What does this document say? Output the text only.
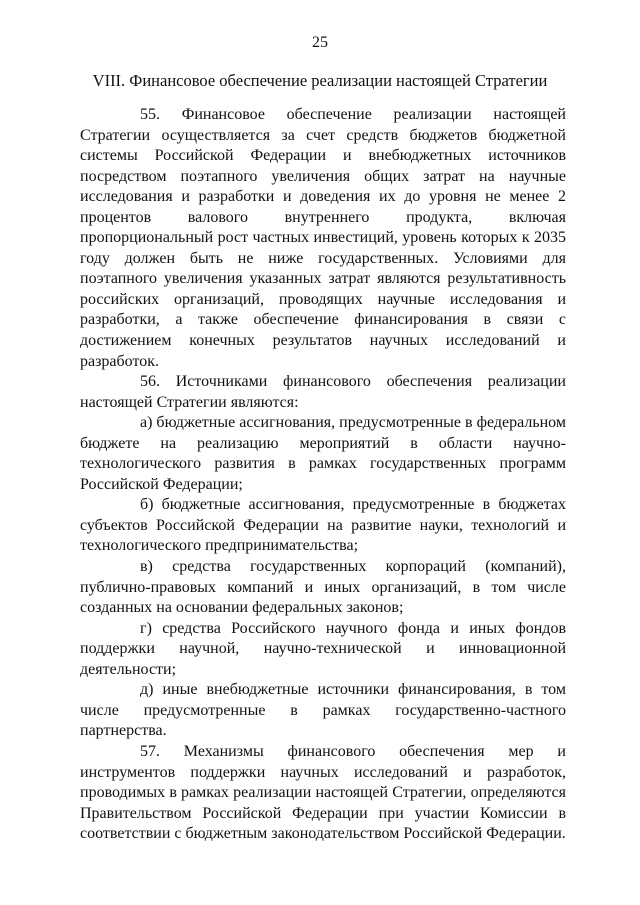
25
VIII. Финансовое обеспечение реализации настоящей Стратегии

55. Финансовое обеспечение реализации настоящей Стратегии осуществляется за счет средств бюджетов бюджетной системы Российской Федерации и внебюджетных источников посредством поэтапного увеличения общих затрат на научные исследования и разработки и доведения их до уровня не менее 2 процентов валового внутреннего продукта, включая пропорциональный рост частных инвестиций, уровень которых к 2035 году должен быть не ниже государственных. Условиями для поэтапного увеличения указанных затрат являются результативность российских организаций, проводящих научные исследования и разработки, а также обеспечение финансирования в связи с достижением конечных результатов научных исследований и разработок.

56. Источниками финансового обеспечения реализации настоящей Стратегии являются:

а) бюджетные ассигнования, предусмотренные в федеральном бюджете на реализацию мероприятий в области научно-технологического развития в рамках государственных программ Российской Федерации;

б) бюджетные ассигнования, предусмотренные в бюджетах субъектов Российской Федерации на развитие науки, технологий и технологического предпринимательства;

в) средства государственных корпораций (компаний), публично-правовых компаний и иных организаций, в том числе созданных на основании федеральных законов;

г) средства Российского научного фонда и иных фондов поддержки научной, научно-технической и инновационной деятельности;

д) иные внебюджетные источники финансирования, в том числе предусмотренные в рамках государственно-частного партнерства.

57. Механизмы финансового обеспечения мер и инструментов поддержки научных исследований и разработок, проводимых в рамках реализации настоящей Стратегии, определяются Правительством Российской Федерации при участии Комиссии в соответствии с бюджетным законодательством Российской Федерации.
